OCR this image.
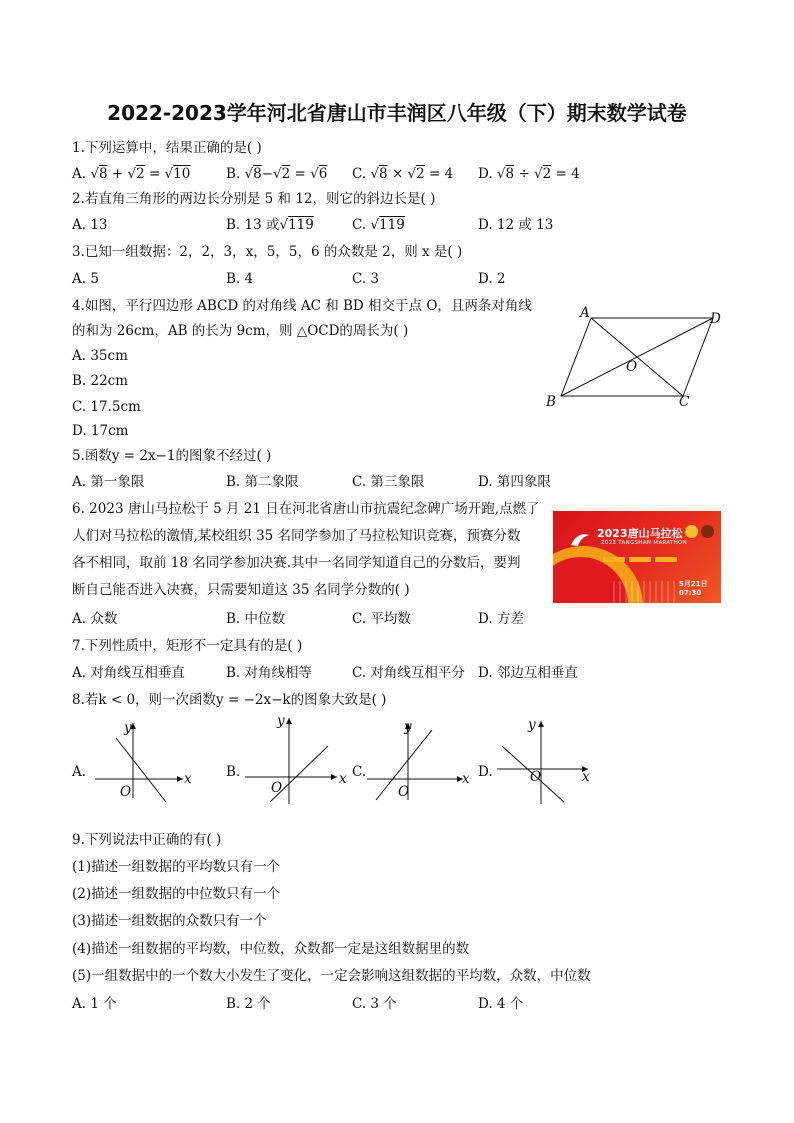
2022-2023学年河北省唐山市丰润区八年级（下）期末数学试卷
1.下列运算中，结果正确的是( )
A. √8 + √2 = √10	B. √8−√2 = √6 C. √8 × √2 = 4 D. √8 ÷ √2 = 4
2.若直角三角形的两边长分别是 5 和 12，则它的斜边长是( )
A. 13	B. 13 或√119	C. √119	D. 12 或 13
3.已知一组数据：2，2，3，x，5，5，6 的众数是 2，则 x 是( )
A. 5	B. 4	C. 3	D. 2
4.如图，平行四边形 ABCD 的对角线 AC 和 BD 相交于点 O，且两条对角线
的和为 26cm，AB 的长为 9cm，则 △OCD的周长为( )
A. 35cm
B. 22cm
C. 17.5cm
D. 17cm
A	D
O
B	C
5.函数y = 2x−1的图象不经过( )
A. 第一象限	B. 第二象限	C. 第三象限	D. 第四象限
6. 2023 唐山马拉松于 5 月 21 日在河北省唐山市抗震纪念碑广场开跑,点燃了
人们对马拉松的激情,某校组织 35 名同学参加了马拉松知识竞赛，预赛分数
各不相同，取前 18 名同学参加决赛.其中一名同学知道自己的分数后，要判
断自己能否进入决赛，只需要知道这 35 名同学分数的( )
A. 众数	B. 中位数	C. 平均数	D. 方差
2023唐山马拉松
2023 TANGSHAN MARATHON
5月21日 07:30
7.下列性质中，矩形不一定具有的是( )
A. 对角线互相垂直	B. 对角线相等	C. 对角线互相平分 D. 邻边互相垂直
8.若k < 0，则一次函数y = −2x−k的图象大致是( )
A.
y
x
O
B.
y
x
O
C.
y
x
O
D.
y
x
O
9.下列说法中正确的有( )
(1)描述一组数据的平均数只有一个
(2)描述一组数据的中位数只有一个
(3)描述一组数据的众数只有一个
(4)描述一组数据的平均数，中位数，众数都一定是这组数据里的数
(5)一组数据中的一个数大小发生了变化，一定会影响这组数据的平均数，众数，中位数
A. 1 个	B. 2 个	C. 3 个	D. 4 个
